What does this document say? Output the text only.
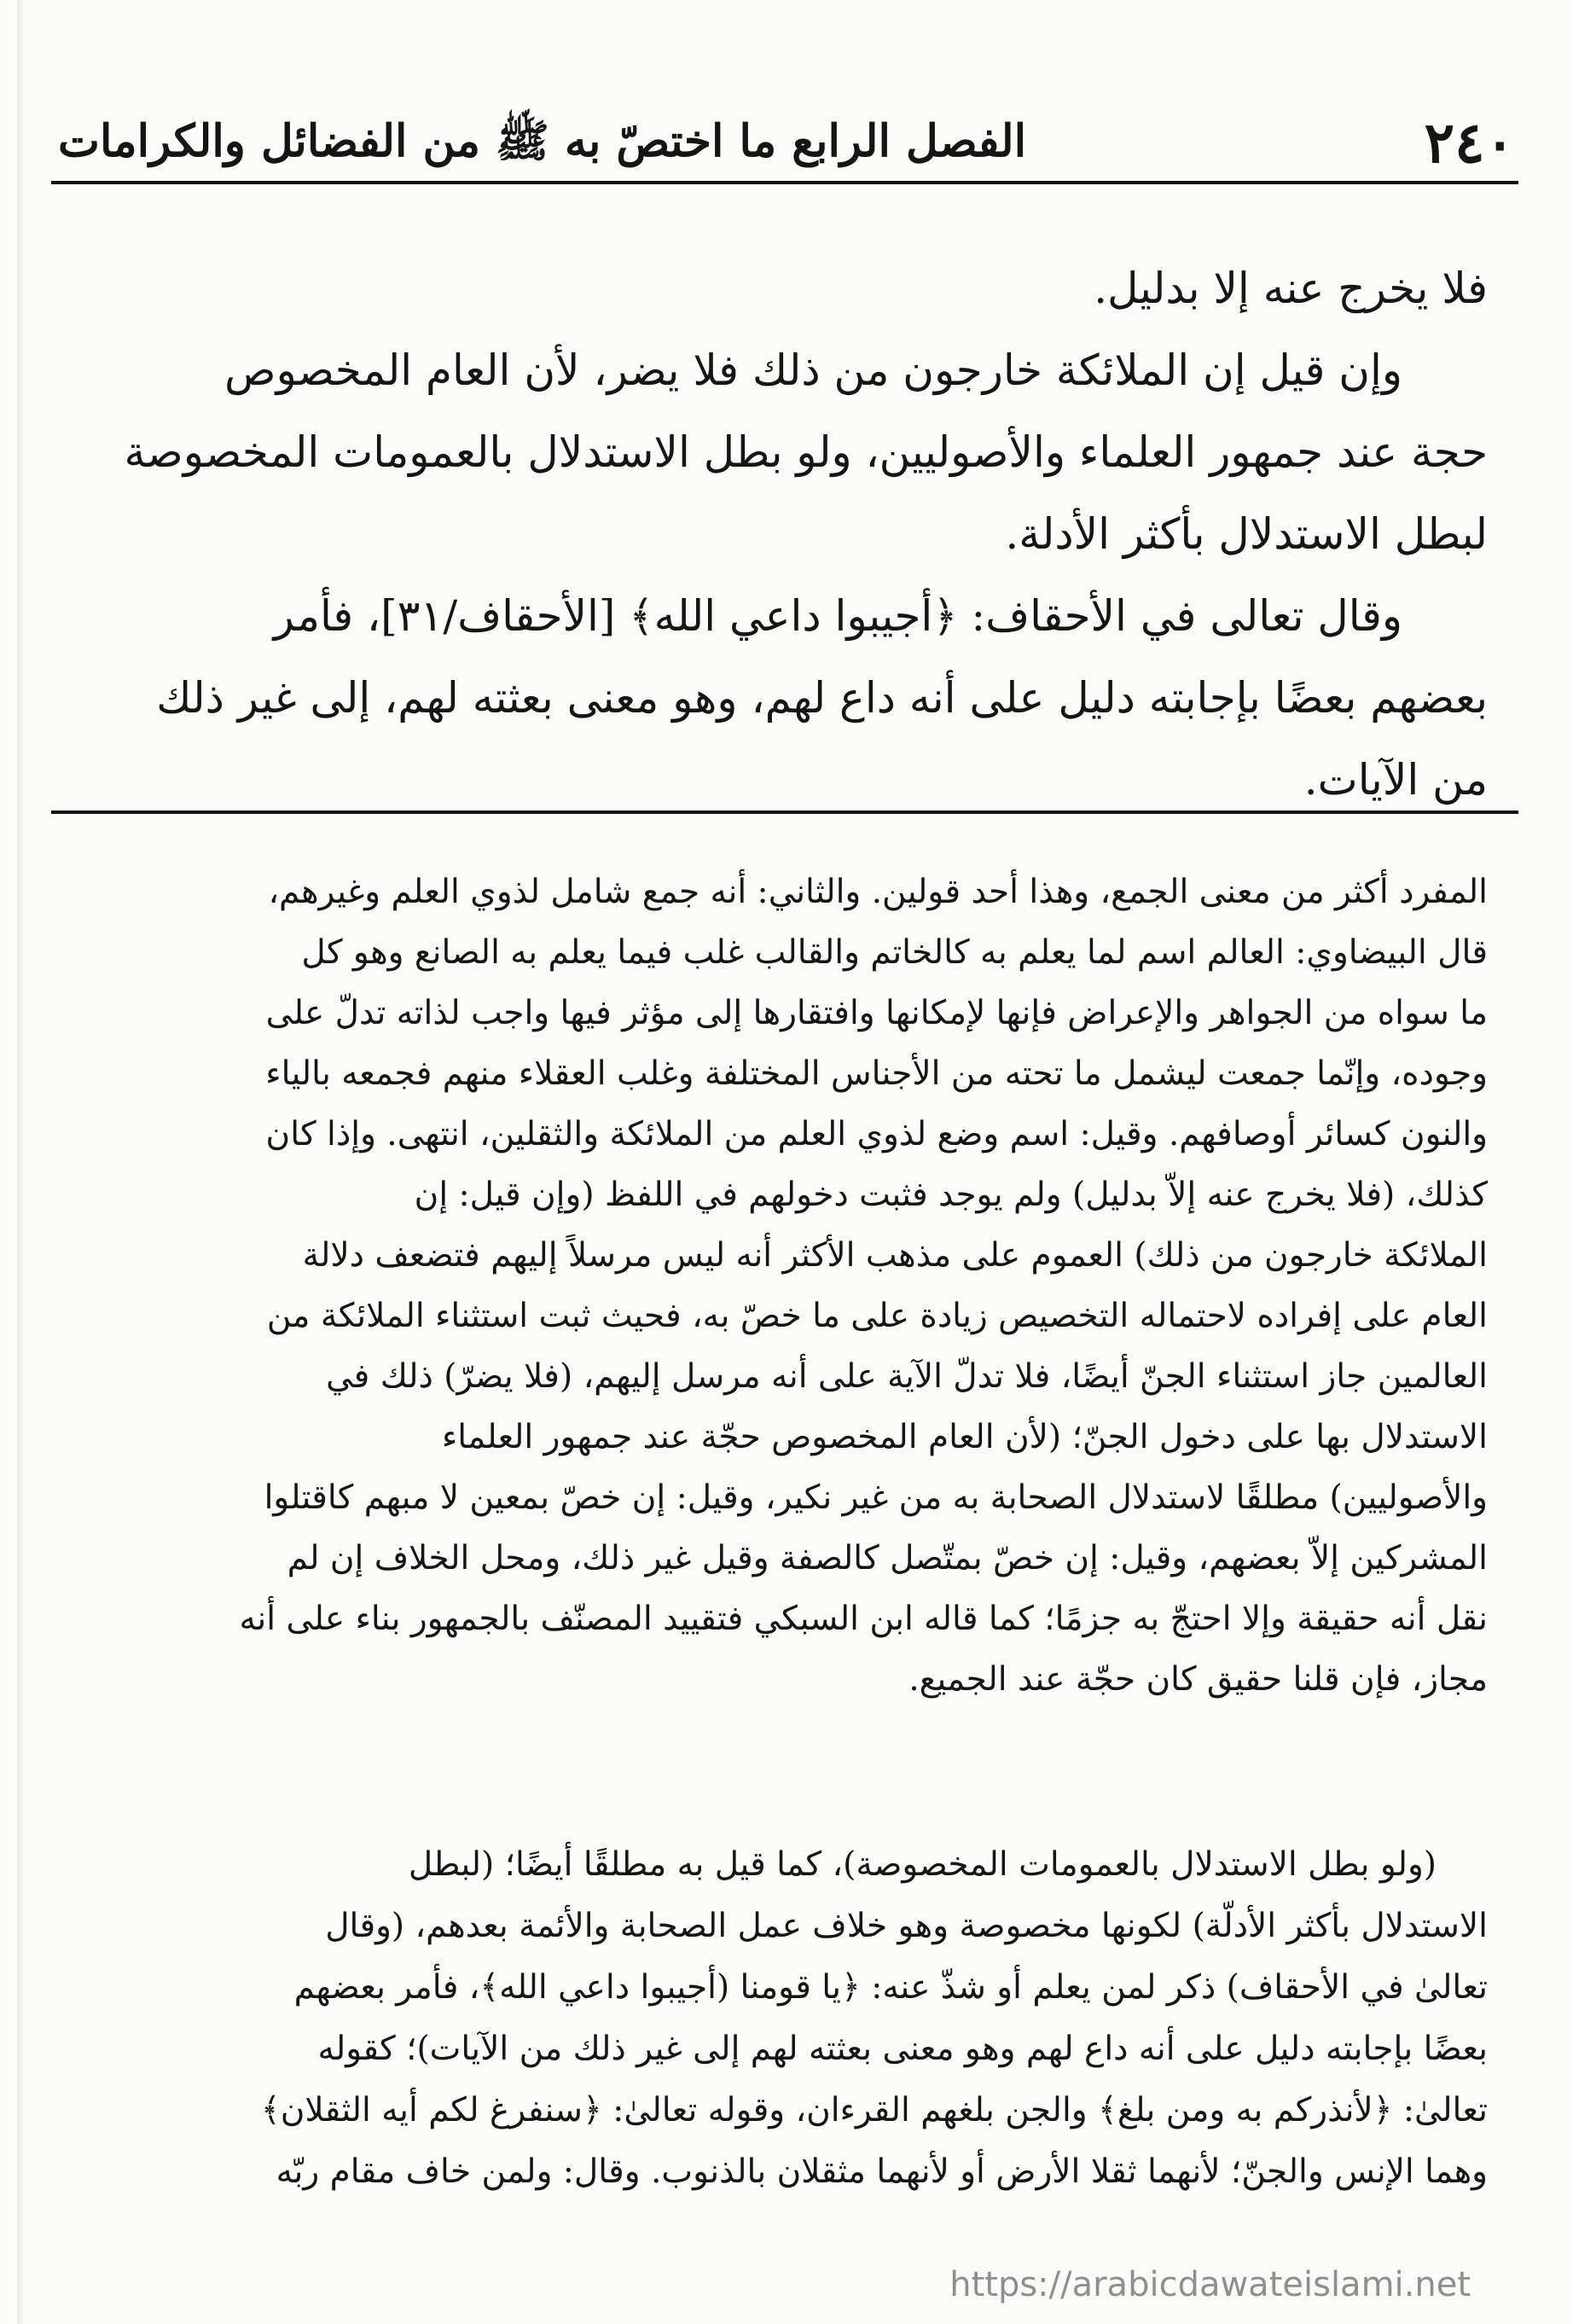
٢٤٠
الفصل الرابع ما اختصّ به ﷺ من الفضائل والكرامات

فلا يخرج عنه إلا بدليل.

وإن قيل إن الملائكة خارجون من ذلك فلا يضر، لأن العام المخصوص

حجة عند جمهور العلماء والأصوليين، ولو بطل الاستدلال بالعمومات المخصوصة

لبطل الاستدلال بأكثر الأدلة.

وقال تعالى في الأحقاف: ﴿أجيبوا داعي الله﴾ [الأحقاف/٣١]، فأمر

بعضهم بعضًا بإجابته دليل على أنه داع لهم، وهو معنى بعثته لهم، إلى غير ذلك

من الآيات.

المفرد أكثر من معنى الجمع، وهذا أحد قولين. والثاني: أنه جمع شامل لذوي العلم وغيرهم،

قال البيضاوي: العالم اسم لما يعلم به كالخاتم والقالب غلب فيما يعلم به الصانع وهو كل

ما سواه من الجواهر والإعراض فإنها لإمكانها وافتقارها إلى مؤثر فيها واجب لذاته تدلّ على

وجوده، وإنّما جمعت ليشمل ما تحته من الأجناس المختلفة وغلب العقلاء منهم فجمعه بالياء

والنون كسائر أوصافهم. وقيل: اسم وضع لذوي العلم من الملائكة والثقلين، انتهى. وإذا كان

كذلك، (فلا يخرج عنه إلاّ بدليل) ولم يوجد فثبت دخولهم في اللفظ (وإن قيل: إن

الملائكة خارجون من ذلك) العموم على مذهب الأكثر أنه ليس مرسلاً إليهم فتضعف دلالة

العام على إفراده لاحتماله التخصيص زيادة على ما خصّ به، فحيث ثبت استثناء الملائكة من

العالمين جاز استثناء الجنّ أيضًا، فلا تدلّ الآية على أنه مرسل إليهم، (فلا يضرّ) ذلك في

الاستدلال بها على دخول الجنّ؛ (لأن العام المخصوص حجّة عند جمهور العلماء

والأصوليين) مطلقًا لاستدلال الصحابة به من غير نكير، وقيل: إن خصّ بمعين لا مبهم كاقتلوا

المشركين إلاّ بعضهم، وقيل: إن خصّ بمتّصل كالصفة وقيل غير ذلك، ومحل الخلاف إن لم

نقل أنه حقيقة وإلا احتجّ به جزمًا؛ كما قاله ابن السبكي فتقييد المصنّف بالجمهور بناء على أنه

مجاز، فإن قلنا حقيق كان حجّة عند الجميع.

(ولو بطل الاستدلال بالعمومات المخصوصة)، كما قيل به مطلقًا أيضًا؛ (لبطل

الاستدلال بأكثر الأدلّة) لكونها مخصوصة وهو خلاف عمل الصحابة والأئمة بعدهم، (وقال

تعالىٰ في الأحقاف) ذكر لمن يعلم أو شذّ عنه: ﴿يا قومنا (أجيبوا داعي الله﴾، فأمر بعضهم

بعضًا بإجابته دليل على أنه داع لهم وهو معنى بعثته لهم إلى غير ذلك من الآيات)؛ كقوله

تعالىٰ: ﴿لأنذركم به ومن بلغ﴾ والجن بلغهم القرءان، وقوله تعالىٰ: ﴿سنفرغ لكم أيه الثقلان﴾

وهما الإنس والجنّ؛ لأنهما ثقلا الأرض أو لأنهما مثقلان بالذنوب. وقال: ولمن خاف مقام ربّه

https://arabicdawateislami.net
